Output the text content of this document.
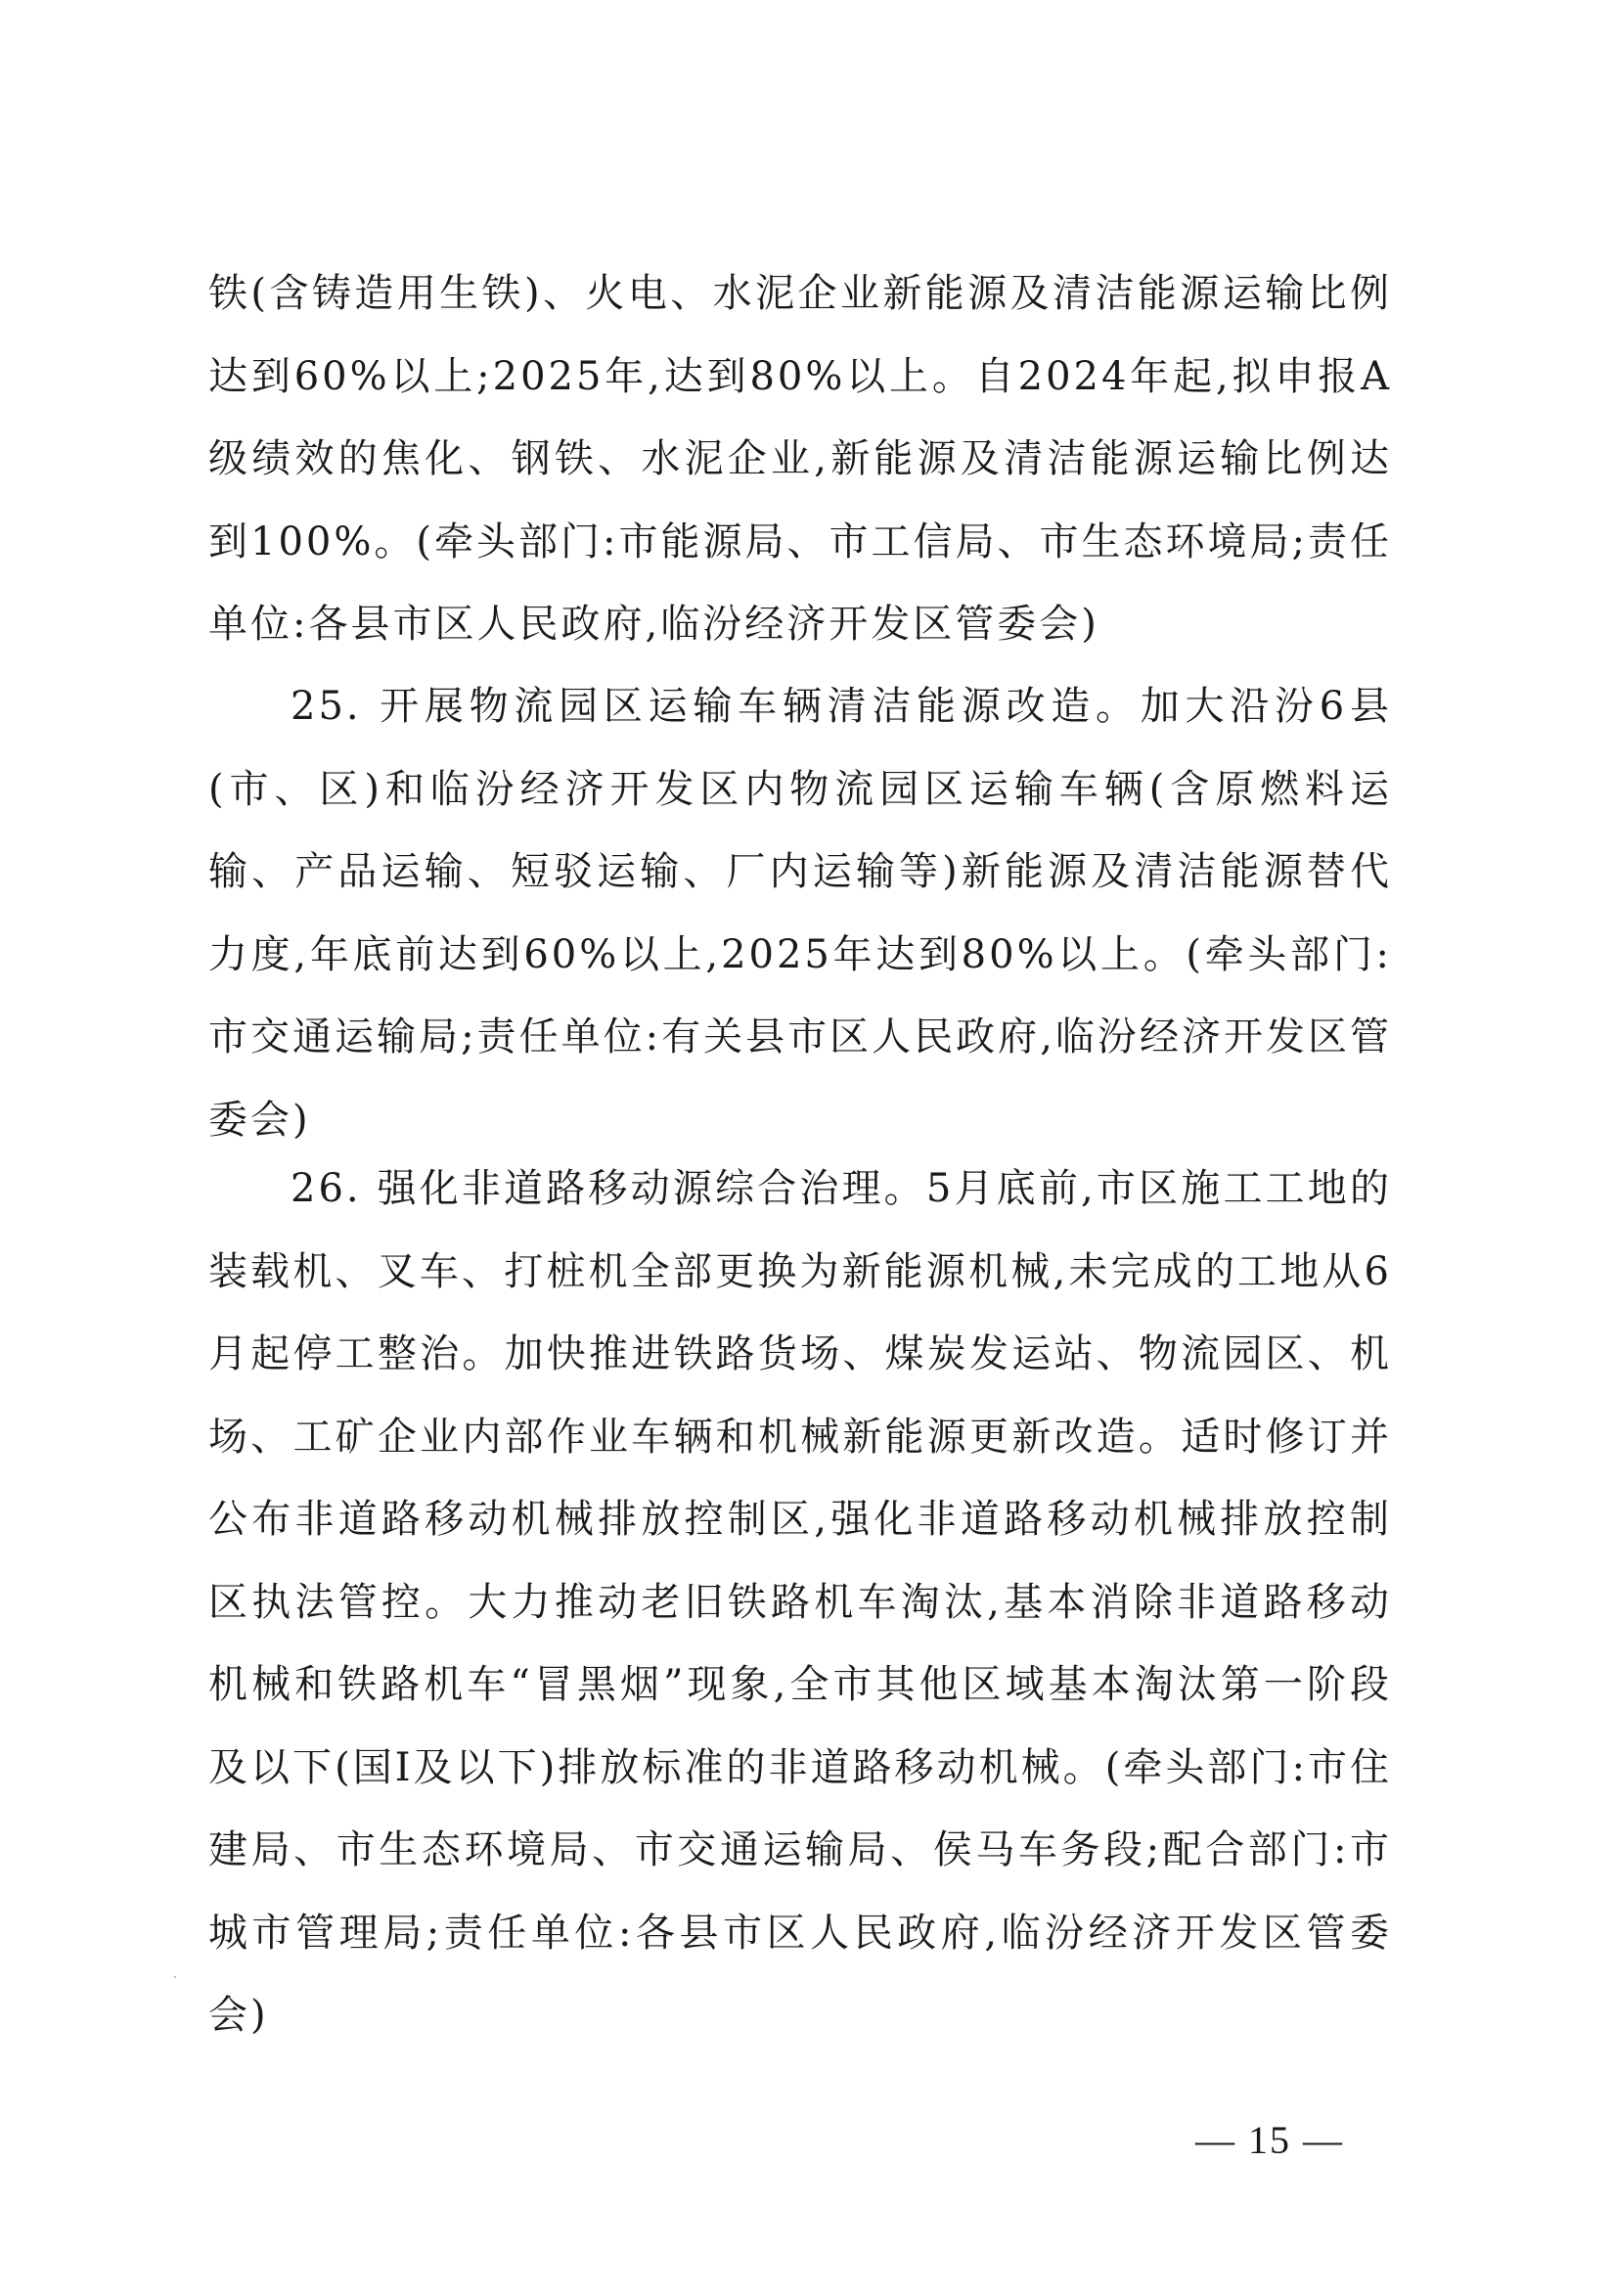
铁(含铸造用生铁)、火电、水泥企业新能源及清洁能源运输比例达到60%以上;2025年,达到80%以上。自2024年起,拟申报A级绩效的焦化、钢铁、水泥企业,新能源及清洁能源运输比例达到100%。(牵头部门:市能源局、市工信局、市生态环境局;责任单位:各县市区人民政府,临汾经济开发区管委会)

25. 开展物流园区运输车辆清洁能源改造。加大沿汾6县(市、区)和临汾经济开发区内物流园区运输车辆(含原燃料运输、产品运输、短驳运输、厂内运输等)新能源及清洁能源替代力度,年底前达到60%以上,2025年达到80%以上。(牵头部门:市交通运输局;责任单位:有关县市区人民政府,临汾经济开发区管委会)

26. 强化非道路移动源综合治理。5月底前,市区施工工地的装载机、叉车、打桩机全部更换为新能源机械,未完成的工地从6月起停工整治。加快推进铁路货场、煤炭发运站、物流园区、机场、工矿企业内部作业车辆和机械新能源更新改造。适时修订并公布非道路移动机械排放控制区,强化非道路移动机械排放控制区执法管控。大力推动老旧铁路机车淘汰,基本消除非道路移动机械和铁路机车“冒黑烟”现象,全市其他区域基本淘汰第一阶段及以下(国Ⅰ及以下)排放标准的非道路移动机械。(牵头部门:市住建局、市生态环境局、市交通运输局、侯马车务段;配合部门:市城市管理局;责任单位:各县市区人民政府,临汾经济开发区管委会)

— 15 —
